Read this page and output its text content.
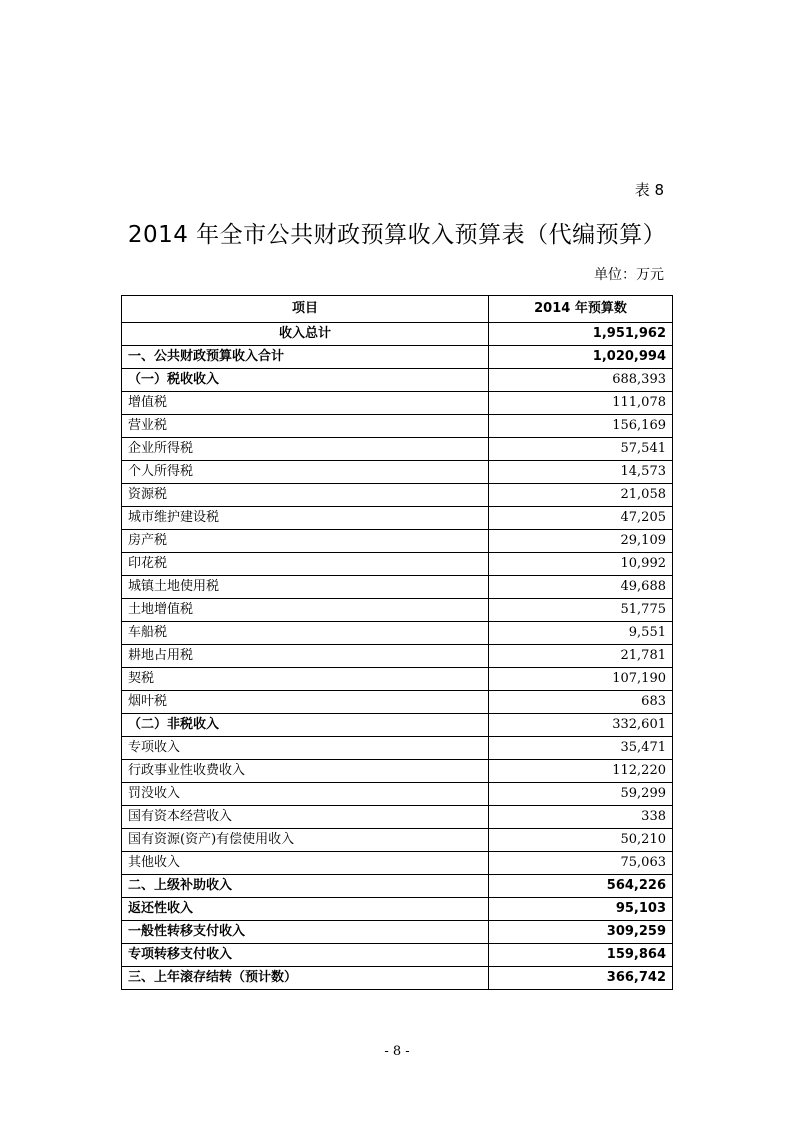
表 8
2014 年全市公共财政预算收入预算表（代编预算）
单位：万元
项目	2014 年预算数
收入总计	1,951,962
一、公共财政预算收入合计	1,020,994
（一）税收收入	688,393
增值税	111,078
营业税	156,169
企业所得税	57,541
个人所得税	14,573
资源税	21,058
城市维护建设税	47,205
房产税	29,109
印花税	10,992
城镇土地使用税	49,688
土地增值税	51,775
车船税	9,551
耕地占用税	21,781
契税	107,190
烟叶税	683
（二）非税收入	332,601
专项收入	35,471
行政事业性收费收入	112,220
罚没收入	59,299
国有资本经营收入	338
国有资源(资产)有偿使用收入	50,210
其他收入	75,063
二、上级补助收入	564,226
返还性收入	95,103
一般性转移支付收入	309,259
专项转移支付收入	159,864
三、上年滚存结转（预计数）	366,742
- 8 -
